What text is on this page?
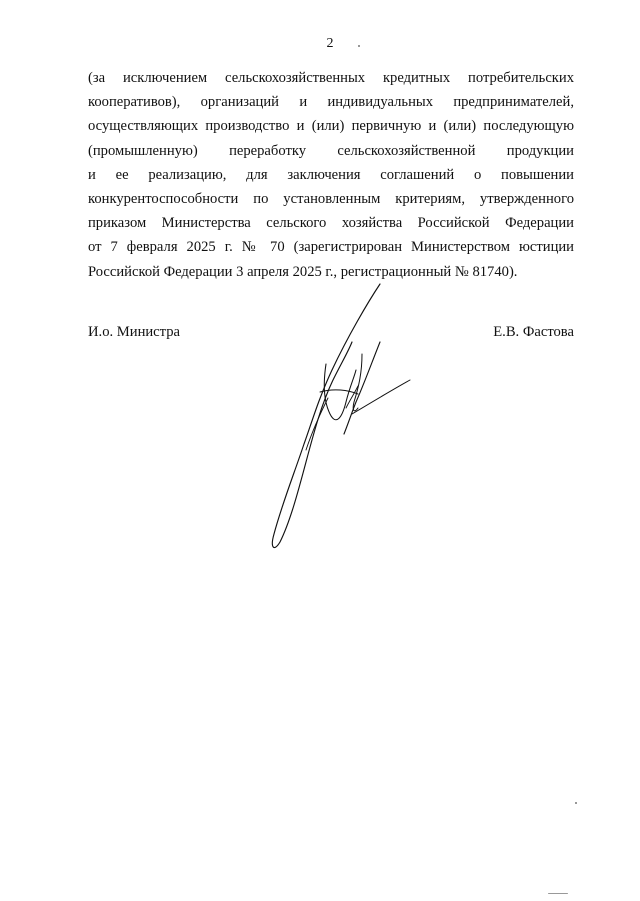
2
(за исключением сельскохозяйственных кредитных потребительских
кооперативов), организаций и индивидуальных предпринимателей,
осуществляющих производство и (или) первичную и (или) последующую
(промышленную) переработку сельскохозяйственной продукции
и ее реализацию, для заключения соглашений о повышении
конкурентоспособности по установленным критериям, утвержденного
приказом Министерства сельского хозяйства Российской Федерации
от 7 февраля 2025 г. № 70 (зарегистрирован Министерством юстиции
Российской Федерации 3 апреля 2025 г., регистрационный № 81740).
И.о. Министра	Е.В. Фастова
